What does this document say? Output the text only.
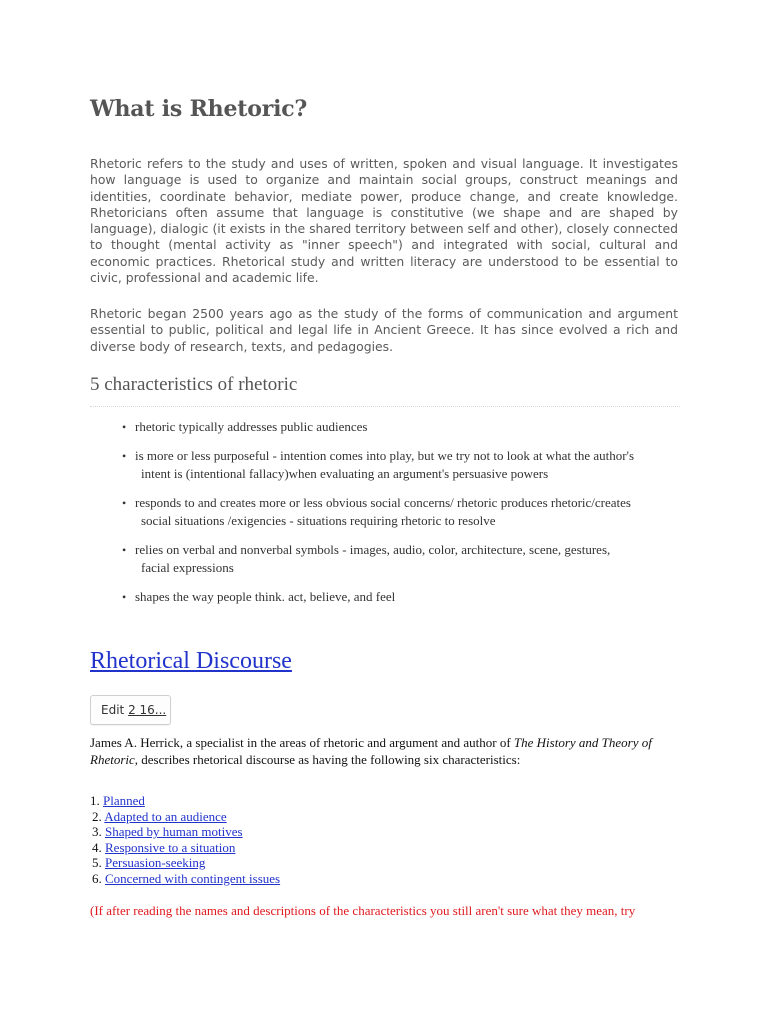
What is Rhetoric?

Rhetoric refers to the study and uses of written, spoken and visual language. It investigates how language is used to organize and maintain social groups, construct meanings and identities, coordinate behavior, mediate power, produce change, and create knowledge. Rhetoricians often assume that language is constitutive (we shape and are shaped by language), dialogic (it exists in the shared territory between self and other), closely connected to thought (mental activity as "inner speech") and integrated with social, cultural and economic practices. Rhetorical study and written literacy are understood to be essential to civic, professional and academic life.

Rhetoric began 2500 years ago as the study of the forms of communication and argument essential to public, political and legal life in Ancient Greece. It has since evolved a rich and diverse body of research, texts, and pedagogies.

5 characteristics of rhetoric
• rhetoric typically addresses public audiences
• is more or less purposeful - intention comes into play, but we try not to look at what the author's
intent is (intentional fallacy)when evaluating an argument's persuasive powers
• responds to and creates more or less obvious social concerns/ rhetoric produces rhetoric/creates
social situations /exigencies - situations requiring rhetoric to resolve
• relies on verbal and nonverbal symbols - images, audio, color, architecture, scene, gestures,
facial expressions
• shapes the way people think. act, believe, and feel
Rhetorical Discourse
Edit 2 16...

James A. Herrick, a specialist in the areas of rhetoric and argument and author of The History and Theory of Rhetoric, describes rhetorical discourse as having the following six characteristics:

1. Planned
2. Adapted to an audience
3. Shaped by human motives
4. Responsive to a situation
5. Persuasion-seeking
6. Concerned with contingent issues

(If after reading the names and descriptions of the characteristics you still aren't sure what they mean, try
